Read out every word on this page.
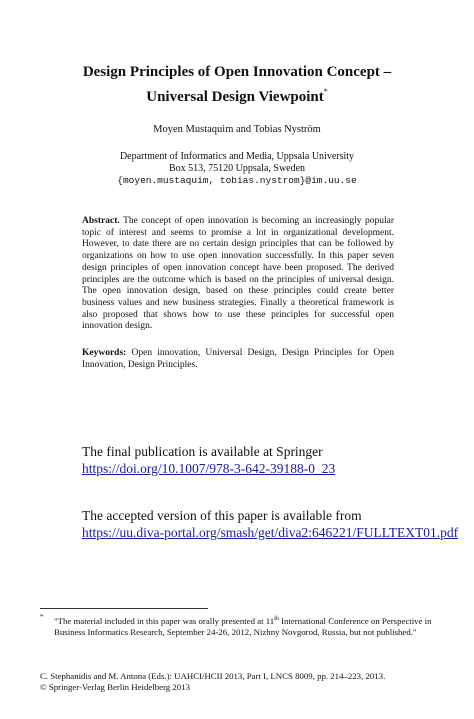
Design Principles of Open Innovation Concept –
Universal Design Viewpoint*
Moyen Mustaquim and Tobias Nyström
Department of Informatics and Media, Uppsala University
Box 513, 75120 Uppsala, Sweden
{moyen.mustaquim, tobias.nystrom}@im.uu.se
Abstract. The concept of open innovation is becoming an increasingly popular topic of interest and seems to promise a lot in organizational development. However, to date there are no certain design principles that can be followed by organizations on how to use open innovation successfully. In this paper seven design principles of open innovation concept have been proposed. The derived principles are the outcome which is based on the principles of universal design. The open innovation design, based on these principles could create better business values and new business strategies. Finally a theoretical framework is also proposed that shows how to use these principles for successful open innovation design.
Keywords: Open innovation, Universal Design, Design Principles for Open Innovation, Design Principles.
The final publication is available at Springer
https://doi.org/10.1007/978-3-642-39188-0_23
The accepted version of this paper is available from
https://uu.diva-portal.org/smash/get/diva2:646221/FULLTEXT01.pdf
* "The material included in this paper was orally presented at 11th International Conference on Perspective in Business Informatics Research, September 24-26, 2012, Nizhny Novgorod, Russia, but not published."
C. Stephanidis and M. Antona (Eds.): UAHCI/HCII 2013, Part I, LNCS 8009, pp. 214–223, 2013.
© Springer-Verlag Berlin Heidelberg 2013
